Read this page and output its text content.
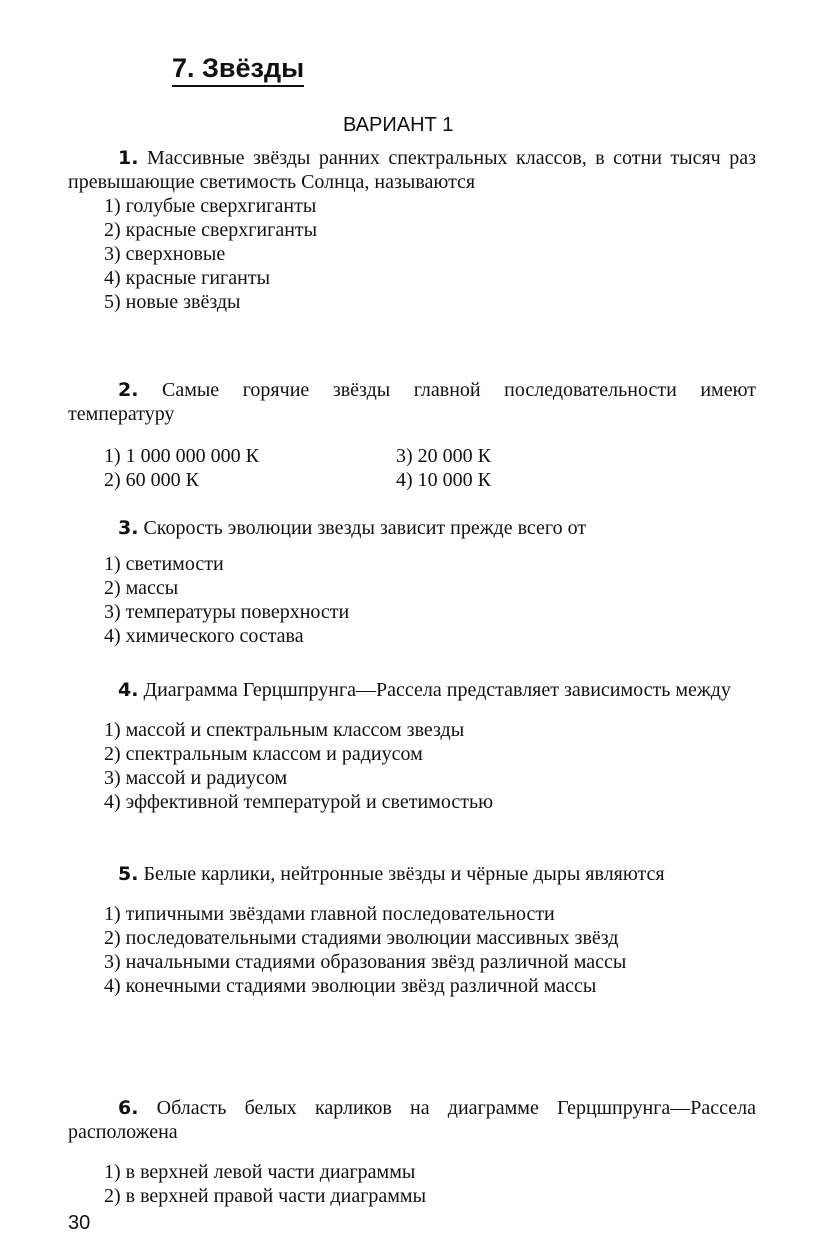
7. Звёзды
ВАРИАНТ 1
1. Массивные звёзды ранних спектральных классов, в сотни тысяч раз превышающие светимость Солнца, называются
1) голубые сверхгиганты
2) красные сверхгиганты
3) сверхновые
4) красные гиганты
5) новые звёзды
2. Самые горячие звёзды главной последовательности имеют температуру
1) 1 000 000 000 К	3) 20 000 К
2) 60 000 К	4) 10 000 К
3. Скорость эволюции звезды зависит прежде всего от
1) светимости
2) массы
3) температуры поверхности
4) химического состава
4. Диаграмма Герцшпрунга—Рассела представляет зависимость между
1) массой и спектральным классом звезды
2) спектральным классом и радиусом
3) массой и радиусом
4) эффективной температурой и светимостью
5. Белые карлики, нейтронные звёзды и чёрные дыры являются
1) типичными звёздами главной последовательности
2) последовательными стадиями эволюции массивных звёзд
3) начальными стадиями образования звёзд различной массы
4) конечными стадиями эволюции звёзд различной массы
6. Область белых карликов на диаграмме Герцшпрунга—Рассела расположена
1) в верхней левой части диаграммы
2) в верхней правой части диаграммы
30
